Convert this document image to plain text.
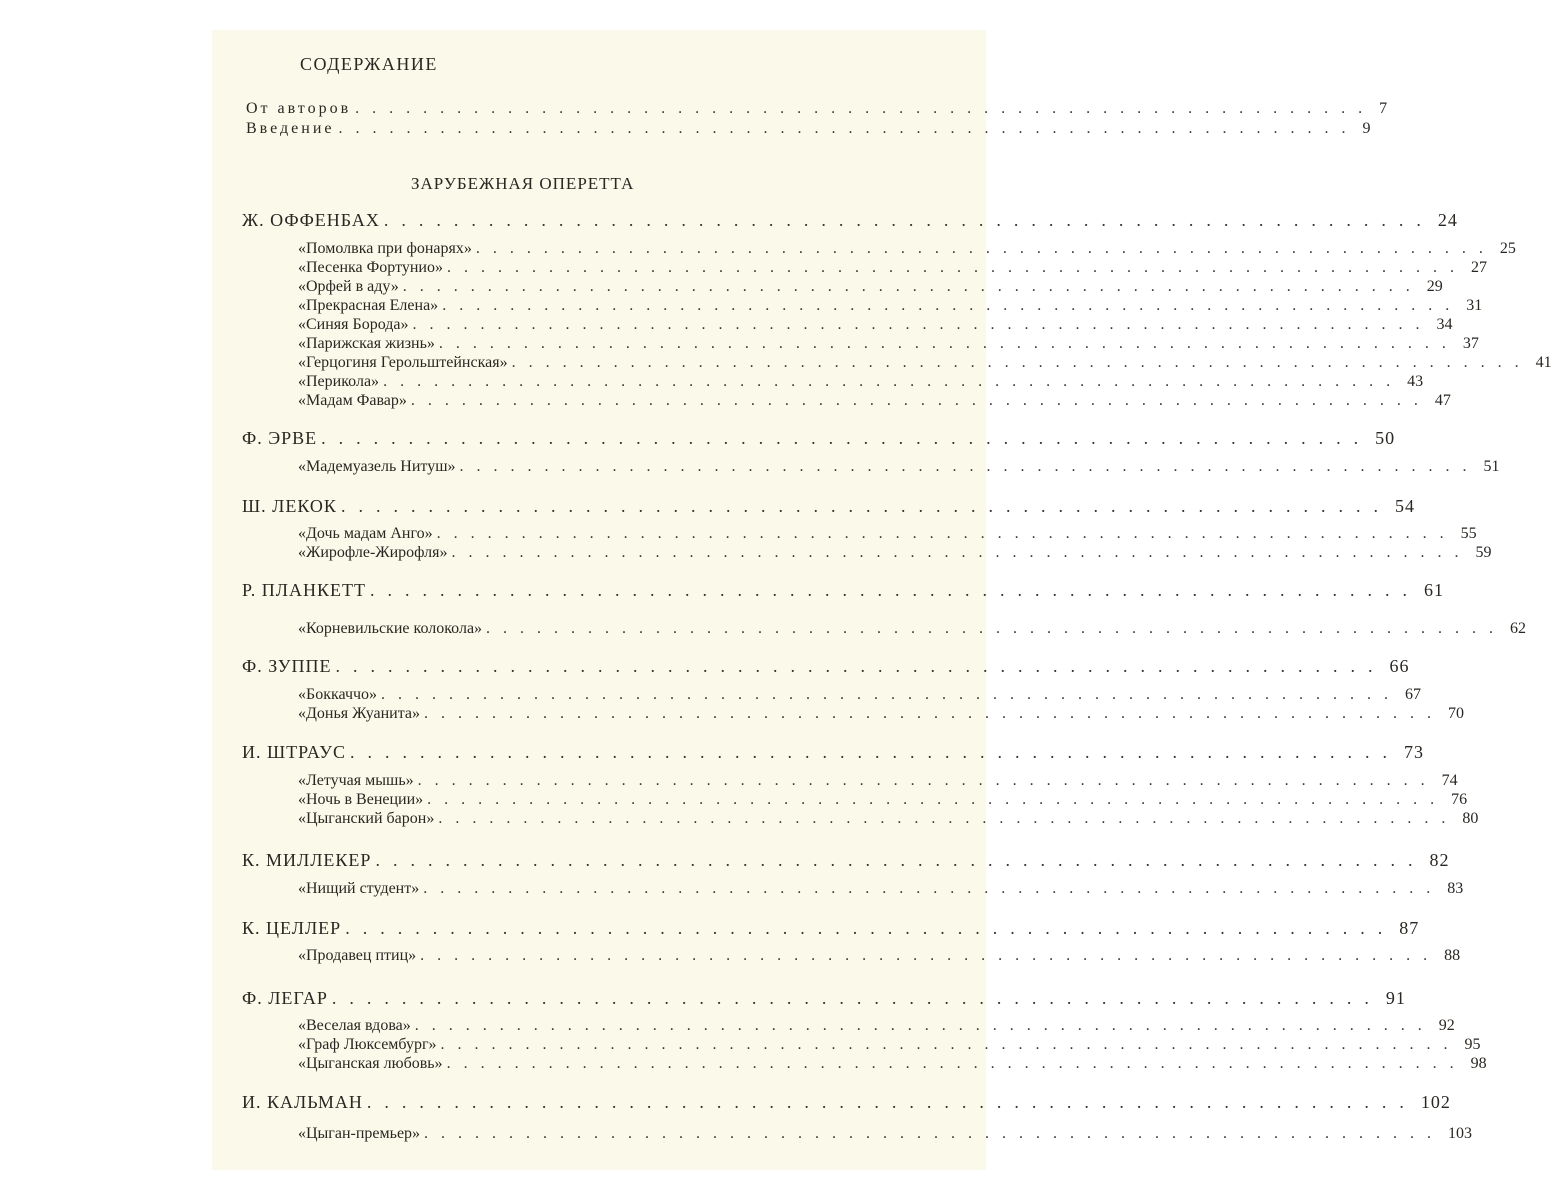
СОДЕРЖАНИЕ
От авторов ............................................................ 7
Введение ............................................................ 9
ЗАРУБЕЖНАЯ ОПЕРЕТТА
Ж. ОФФЕНБАХ ............................................................ 24
«Помолвка при фонарях» ............................................................ 25
«Песенка Фортунио» ............................................................ 27
«Орфей в аду» ............................................................ 29
«Прекрасная Елена» ............................................................ 31
«Синяя Борода» ............................................................ 34
«Парижская жизнь» ............................................................ 37
«Герцогиня Герольштейнская» ............................................................ 41
«Перикола» ............................................................ 43
«Мадам Фавар» ............................................................ 47
Ф. ЭРВЕ ............................................................ 50
«Мадемуазель Нитуш» ............................................................ 51
Ш. ЛЕКОК ............................................................ 54
«Дочь мадам Анго» ............................................................ 55
«Жирофле-Жирофля» ............................................................ 59
Р. ПЛАНКЕТТ ............................................................ 61
«Корневильские колокола» ............................................................ 62
Ф. ЗУППЕ ............................................................ 66
«Боккаччо» ............................................................ 67
«Донья Жуанита» ............................................................ 70
И. ШТРАУС ............................................................ 73
«Летучая мышь» ............................................................ 74
«Ночь в Венеции» ............................................................ 76
«Цыганский барон» ............................................................ 80
К. МИЛЛЕКЕР ............................................................ 82
«Нищий студент» ............................................................ 83
К. ЦЕЛЛЕР ............................................................ 87
«Продавец птиц» ............................................................ 88
Ф. ЛЕГАР ............................................................ 91
«Веселая вдова» ............................................................ 92
«Граф Люксембург» ............................................................ 95
«Цыганская любовь» ............................................................ 98
И. КАЛЬМАН ............................................................ 102
«Цыган-премьер» ............................................................ 103
